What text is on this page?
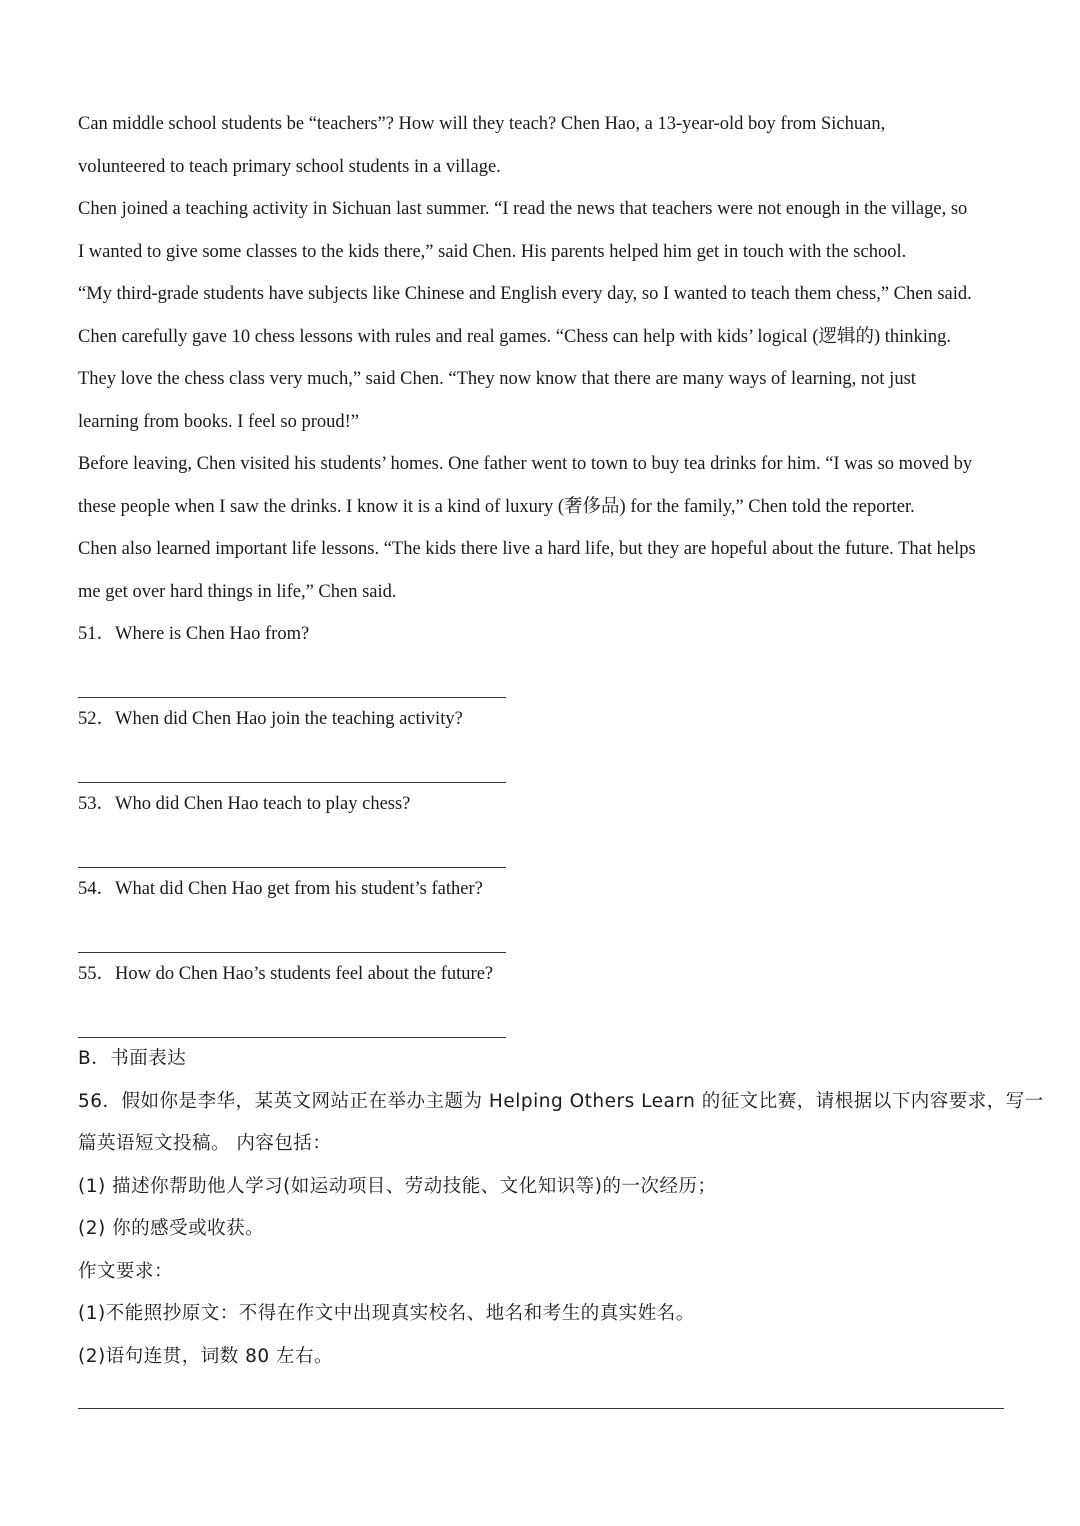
Can middle school students be “teachers”? How will they teach? Chen Hao, a 13-year-old boy from Sichuan,
volunteered to teach primary school students in a village.

Chen joined a teaching activity in Sichuan last summer. “I read the news that teachers were not enough in the village, so
I wanted to give some classes to the kids there,” said Chen. His parents helped him get in touch with the school.

“My third-grade students have subjects like Chinese and English every day, so I wanted to teach them chess,” Chen said.
Chen carefully gave 10 chess lessons with rules and real games. “Chess can help with kids’ logical (逻辑的) thinking.
They love the chess class very much,” said Chen. “They now know that there are many ways of learning, not just
learning from books. I feel so proud!”

Before leaving, Chen visited his students’ homes. One father went to town to buy tea drinks for him. “I was so moved by
these people when I saw the drinks. I know it is a kind of luxury (奢侈品) for the family,” Chen told the reporter.

Chen also learned important life lessons. “The kids there live a hard life, but they are hopeful about the future. That helps
me get over hard things in life,” Chen said.

51．Where is Chen Hao from?
52．When did Chen Hao join the teaching activity?
53．Who did Chen Hao teach to play chess?
54．What did Chen Hao get from his student’s father?
55．How do Chen Hao’s students feel about the future?
B．书面表达
56．假如你是李华，某英文网站正在举办主题为 Helping Others Learn 的征文比赛，请根据以下内容要求，写一
篇英语短文投稿。 内容包括：
(1) 描述你帮助他人学习(如运动项目、劳动技能、文化知识等)的一次经历；
(2) 你的感受或收获。
作文要求：
(1)不能照抄原文：不得在作文中出现真实校名、地名和考生的真实姓名。
(2)语句连贯，词数 80 左右。
